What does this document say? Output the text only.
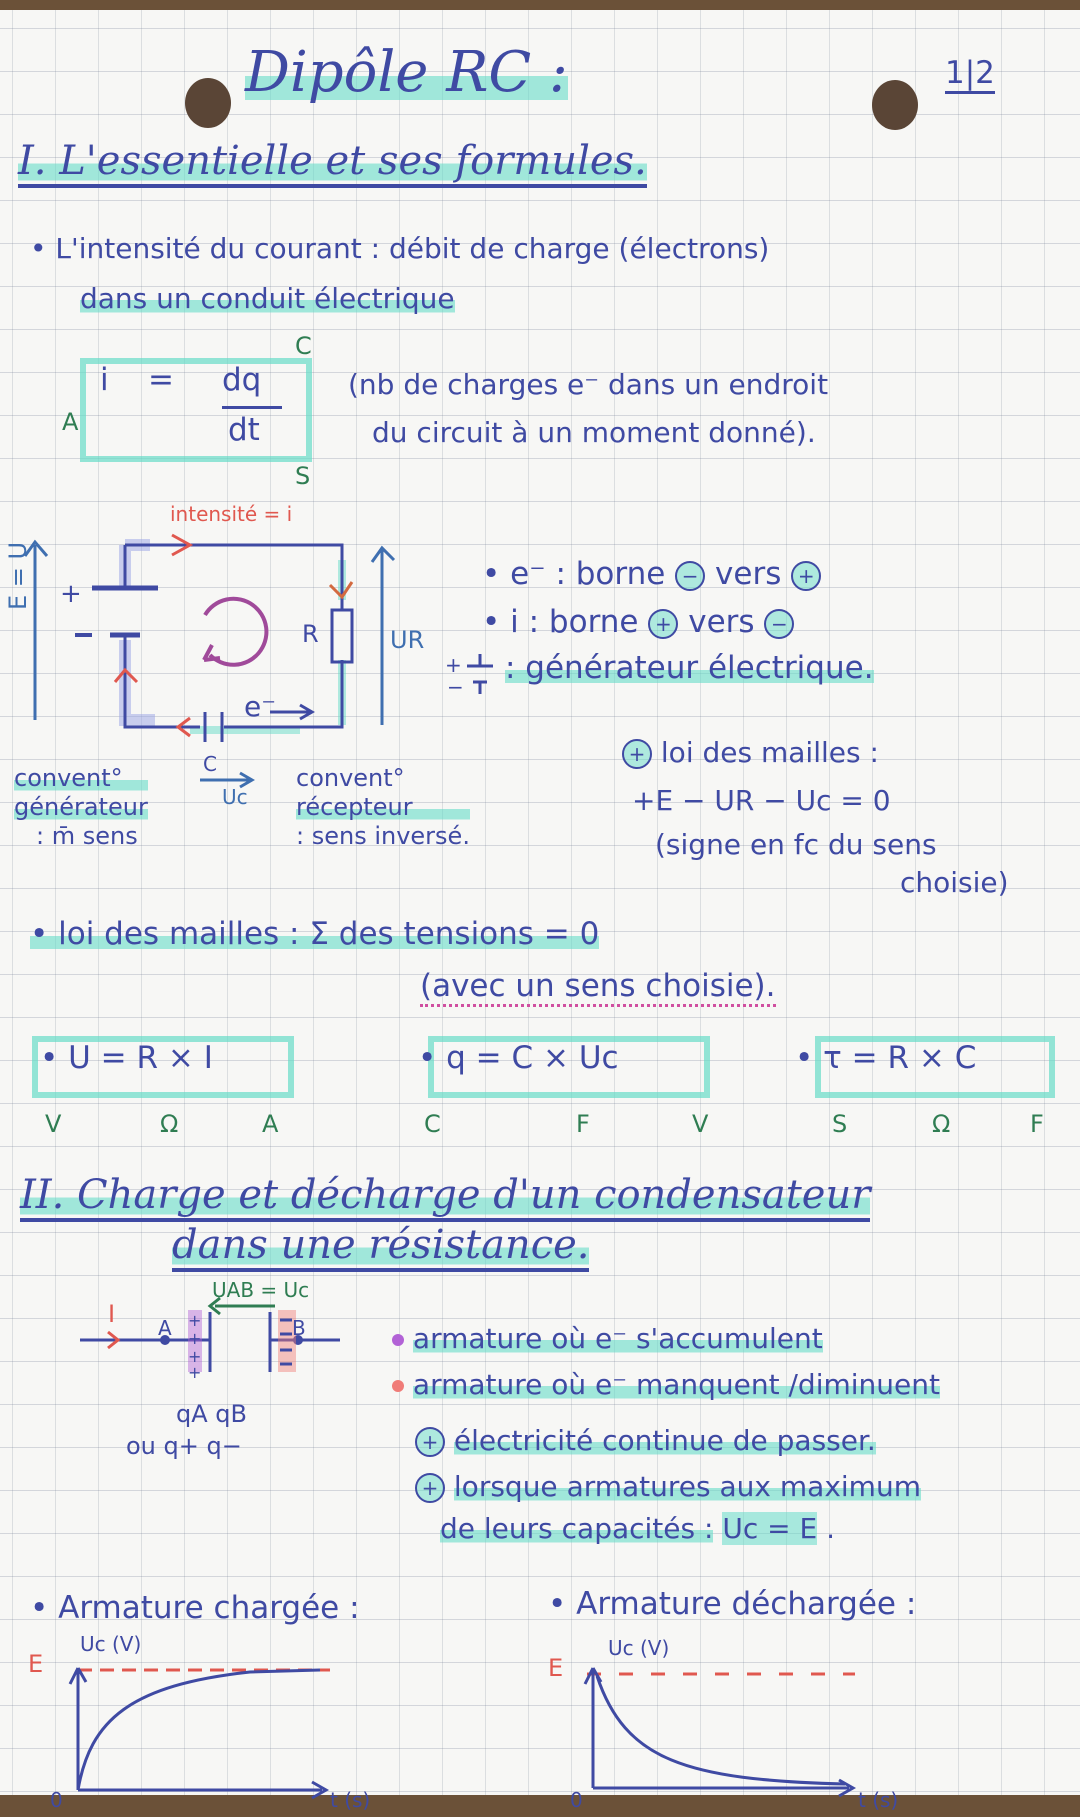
Dipôle RC :	1|2
I. L'essentielle et ses formules.
• L'intensité du courant : débit de charge (électrons)
dans un conduit électrique
i = dq
dt
A
C
S
(nb de charges e⁻ dans un endroit
du circuit à un moment donné).
intensité = i
+
E = U
R	UR
e⁻
C
Uc
convent°
générateur
: m̄ sens
convent°
récepteur
: sens inversé.
• e⁻ : borne − vers +
• i : borne + vers −
+
−
: générateur électrique.
+ loi des mailles :
+E − UR − Uc = 0
(signe en fc du sens
choisie)
• loi des mailles : Σ des tensions = 0
(avec un sens choisie).
• U = R × I
V	Ω	A
• q = C × Uc
C	F	V
• τ = R × C
S	Ω	F
II. Charge et décharge d'un condensateur
dans une résistance.
UAB = Uc
+
+
+
+
I A	B
qA qB
ou q+ q−
armature où e⁻ s'accumulent
armature où e⁻ manquent /diminuent
+ électricité continue de passer.
+ lorsque armatures aux maximum
de leurs capacités : Uc = E .
• Armature chargée :	• Armature déchargée :
E
Uc (V)
0	t (s)
E
Uc (V)
0	t (s)
